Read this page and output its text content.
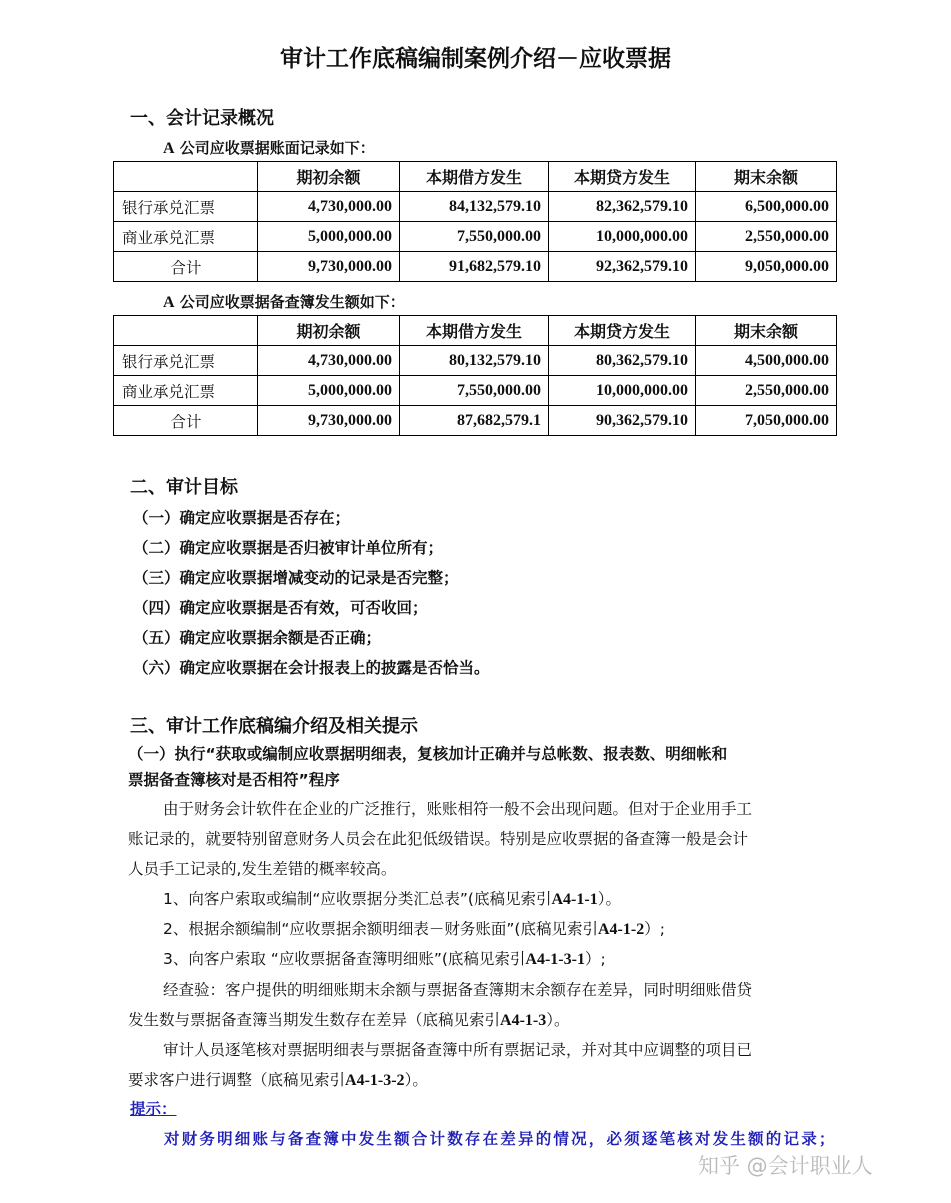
审计工作底稿编制案例介绍－应收票据
一、会计记录概况
A 公司应收票据账面记录如下：
	期初余额	本期借方发生	本期贷方发生	期末余额
银行承兑汇票	4,730,000.00	84,132,579.10	82,362,579.10	6,500,000.00
商业承兑汇票	5,000,000.00	7,550,000.00	10,000,000.00	2,550,000.00
合计	9,730,000.00	91,682,579.10	92,362,579.10	9,050,000.00
A 公司应收票据备查簿发生额如下：
	期初余额	本期借方发生	本期贷方发生	期末余额
银行承兑汇票	4,730,000.00	80,132,579.10	80,362,579.10	4,500,000.00
商业承兑汇票	5,000,000.00	7,550,000.00	10,000,000.00	2,550,000.00
合计	9,730,000.00	87,682,579.1	90,362,579.10	7,050,000.00
二、审计目标
（一）确定应收票据是否存在；
（二）确定应收票据是否归被审计单位所有；
（三）确定应收票据增减变动的记录是否完整；
（四）确定应收票据是否有效，可否收回；
（五）确定应收票据余额是否正确；
（六）确定应收票据在会计报表上的披露是否恰当。
三、审计工作底稿编介绍及相关提示
（一）执行“获取或编制应收票据明细表，复核加计正确并与总帐数、报表数、明细帐和
票据备查簿核对是否相符”程序
由于财务会计软件在企业的广泛推行，账账相符一般不会出现问题。但对于企业用手工
账记录的，就要特别留意财务人员会在此犯低级错误。特别是应收票据的备查簿一般是会计
人员手工记录的,发生差错的概率较高。
1、向客户索取或编制“应收票据分类汇总表”(底稿见索引A4-1-1）。
2、根据余额编制“应收票据余额明细表－财务账面”(底稿见索引A4-1-2）;
3、向客户索取 “应收票据备查簿明细账”(底稿见索引A4-1-3-1）;
经查验：客户提供的明细账期末余额与票据备查簿期末余额存在差异，同时明细账借贷
发生数与票据备查簿当期发生数存在差异（底稿见索引A4-1-3）。
审计人员逐笔核对票据明细表与票据备查簿中所有票据记录，并对其中应调整的项目已
要求客户进行调整（底稿见索引A4-1-3-2）。
提示：
对财务明细账与备查簿中发生额合计数存在差异的情况，必须逐笔核对发生额的记录；
知乎 @会计职业人
